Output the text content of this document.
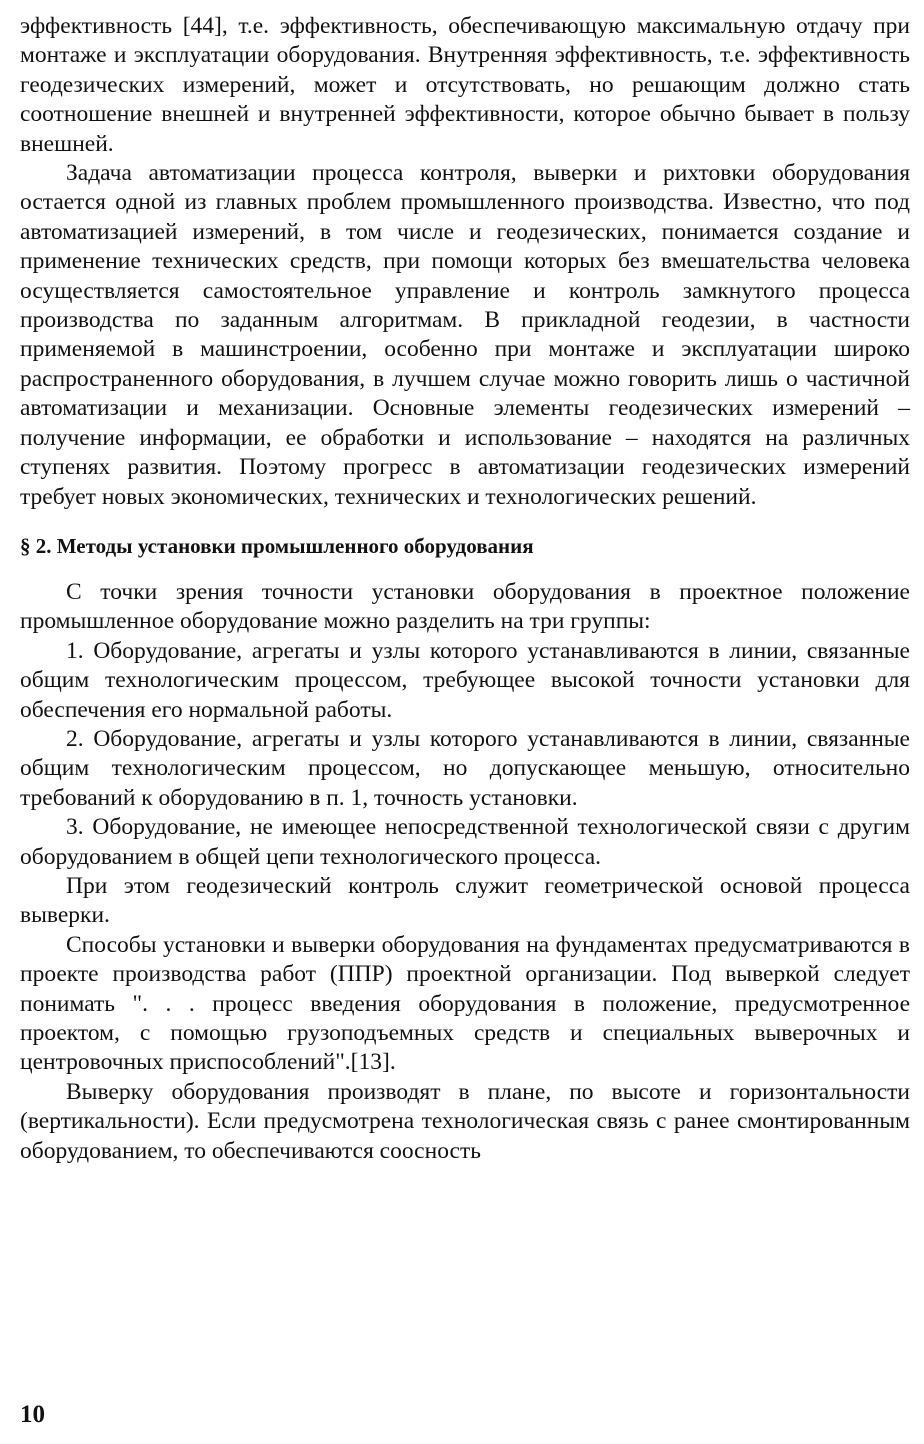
эффективность [44], т.е. эффективность, обеспечивающую максимальную отдачу при монтаже и эксплуатации оборудования. Внутренняя эффективность, т.е. эффективность геодезических измерений, может и отсутствовать, но решающим должно стать соотношение внешней и внутренней эффективности, которое обычно бывает в пользу внешней.

Задача автоматизации процесса контроля, выверки и рихтовки оборудования остается одной из главных проблем промышленного производства. Известно, что под автоматизацией измерений, в том числе и геодезических, понимается создание и применение технических средств, при помощи которых без вмешательства человека осуществляется самостоятельное управление и контроль замкнутого процесса производства по заданным алгоритмам. В прикладной геодезии, в частности применяемой в машинстроении, особенно при монтаже и эксплуатации широко распространенного оборудования, в лучшем случае можно говорить лишь о частичной автоматизации и механизации. Основные элементы геодезических измерений – получение информации, ее обработки и использование – находятся на различных ступенях развития. Поэтому прогресс в автоматизации геодезических измерений требует новых экономических, технических и технологических решений.

§ 2. Методы установки промышленного оборудования

С точки зрения точности установки оборудования в проектное положение промышленное оборудование можно разделить на три группы:

1. Оборудование, агрегаты и узлы которого устанавливаются в линии, связанные общим технологическим процессом, требующее высокой точности установки для обеспечения его нормальной работы.

2. Оборудование, агрегаты и узлы которого устанавливаются в линии, связанные общим технологическим процессом, но допускающее меньшую, относительно требований к оборудованию в п. 1, точность установки.

3. Оборудование, не имеющее непосредственной технологической связи с другим оборудованием в общей цепи технологического процесса.

При этом геодезический контроль служит геометрической основой процесса выверки.

Способы установки и выверки оборудования на фундаментах предусматриваются в проекте производства работ (ППР) проектной организации. Под выверкой следует понимать ". . . процесс введения оборудования в положение, предусмотренное проектом, с помощью грузоподъемных средств и специальных выверочных и центровочных приспособлений".[13].

Выверку оборудования производят в плане, по высоте и горизонтальности (вертикальности). Если предусмотрена технологическая связь с ранее смонтированным оборудованием, то обеспечиваются соосность

10
